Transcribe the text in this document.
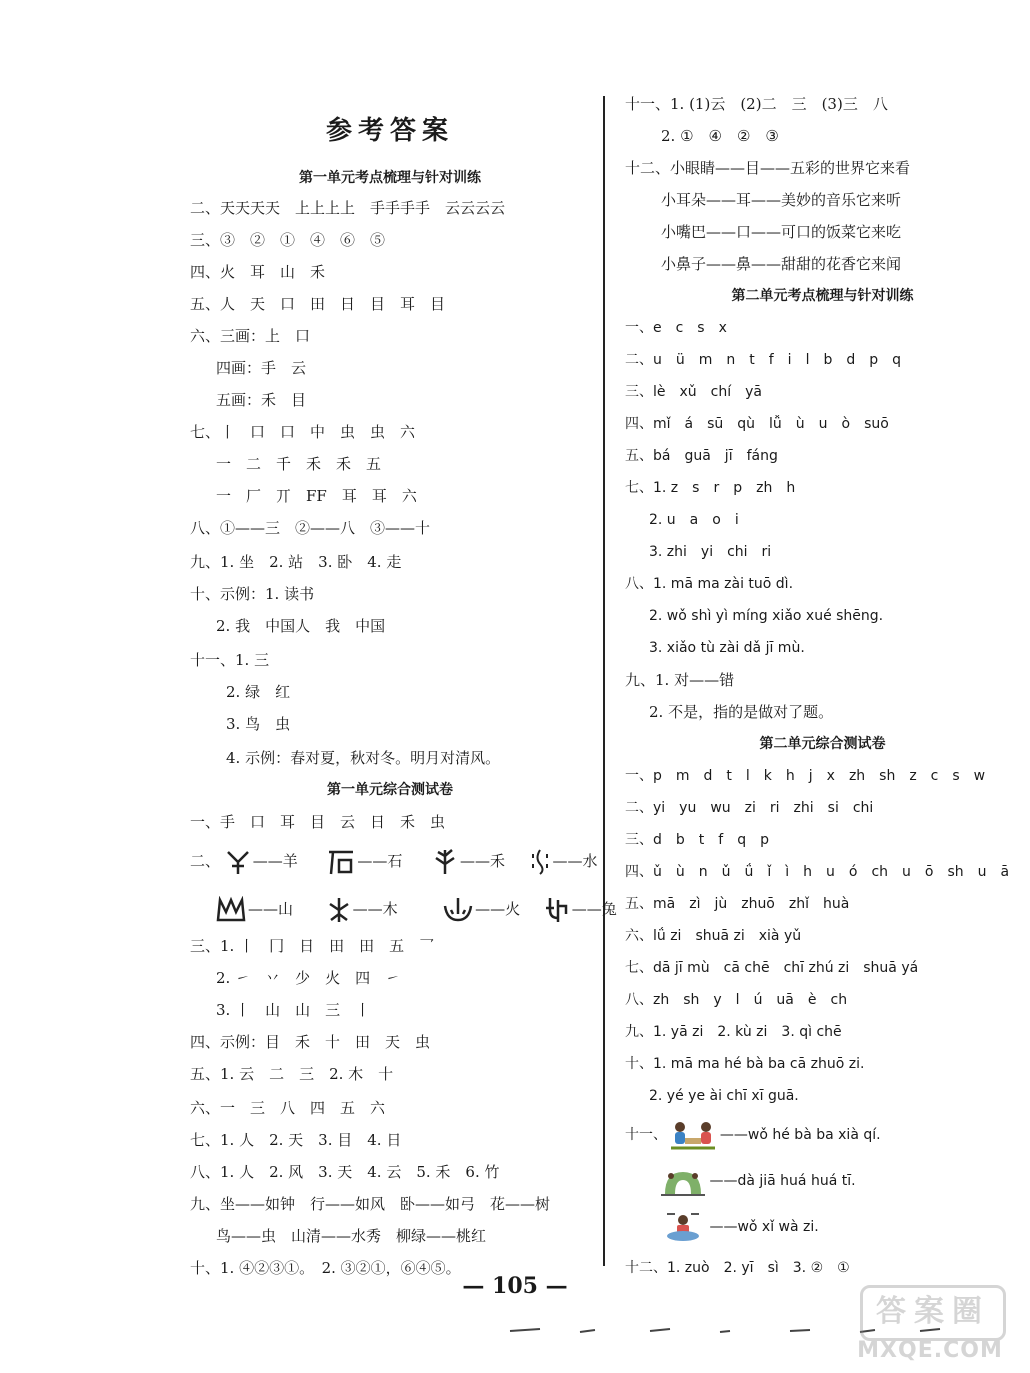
参考答案
第一单元考点梳理与针对训练
二、天天天天　上上上上　手手手手　云云云云
三、③　②　①　④　⑥　⑤
四、火　耳　山　禾
五、人　天　口　田　日　目　耳　目
六、三画：上　口
四画：手　云
五画：禾　目
七、丨　口　口　中　虫　虫　六
一　二　千　禾　禾　五
一　厂　丌　FF　耳　耳　六
八、①——三　②——八　③——十
九、1. 坐　2. 站　3. 卧　4. 走
十、示例：1. 读书
2. 我　中国人　我　中国
十一、1. 三
2. 绿　红
3. 鸟　虫
4. 示例：春对夏，秋对冬。明月对清风。
第一单元综合测试卷
一、手　口　耳　目　云　日　禾　虫
二、 ——羊	——石	——禾	——水
——山	——木	——火	——兔
三、1. 丨　冂　日　田　田　五　乛
2. ㇀　丷　少　火　四　㇀
3. 丨　山　山　三　丨
四、示例：目　禾　十　田　天　虫
五、1. 云　二　三　2. 木　十
六、一　三　八　四　五　六
七、1. 人　2. 天　3. 目　4. 日
八、1. 人　2. 风　3. 天　4. 云　5. 禾　6. 竹
九、坐——如钟　行——如风　卧——如弓　花——树
鸟——虫　山清——水秀　柳绿——桃红
十、1. ④②③①。　2. ③②①，⑥④⑤。
十一、1. (1)云　(2)二　三　(3)三　八
2. ①　④　②　③
十二、小眼睛——目——五彩的世界它来看
小耳朵——耳——美妙的音乐它来听
小嘴巴——口——可口的饭菜它来吃
小鼻子——鼻——甜甜的花香它来闻
第二单元考点梳理与针对训练
一、e　c　s　x
二、u　ü　m　n　t　f　i　l　b　d　p　q
三、lè　xǔ　chí　yā
四、mǐ　á　sū　qù　lǚ　ù　u　ò　suō
五、bá　guā　jī　fáng
七、1. z　s　r　p　zh　h
2. u　a　o　i
3. zhi　yi　chi　ri
八、1. mā ma zài tuō dì.
2. wǒ shì yì míng xiǎo xué shēng.
3. xiǎo tù zài dǎ jī mù.
九、1. 对——错
2. 不是，指的是做对了题。
第二单元综合测试卷
一、p　m　d　t　l　k　h　j　x　zh　sh　z　c　s　w
二、yi　yu　wu　zi　ri　zhi　si　chi
三、d　b　t　f　q　p
四、ǔ　ù　n　ǔ　ǘ　ǐ　ì　h　u　ó　ch　u　ō　sh　u　ā
五、mā　zì　jù　zhuō　zhǐ　huà
六、lǘ zi　shuā zi　xià yǔ
七、dā jī mù　cā chē　chī zhú zi　shuā yá
八、zh　sh　y　l　ú　uā　è　ch
九、1. yā zi　2. kù zi　3. qì chē
十、1. mā ma hé bà ba cā zhuō zi.
2. yé ye ài chī xī guā.
十一、	——wǒ hé bà ba xià qí.
——dà jiā huá huá tī.
——wǒ xǐ wà zi.
十二、1. zuò　2. yī　sì　3. ②　①
— 105 —
答案圈
MXQE.COM
